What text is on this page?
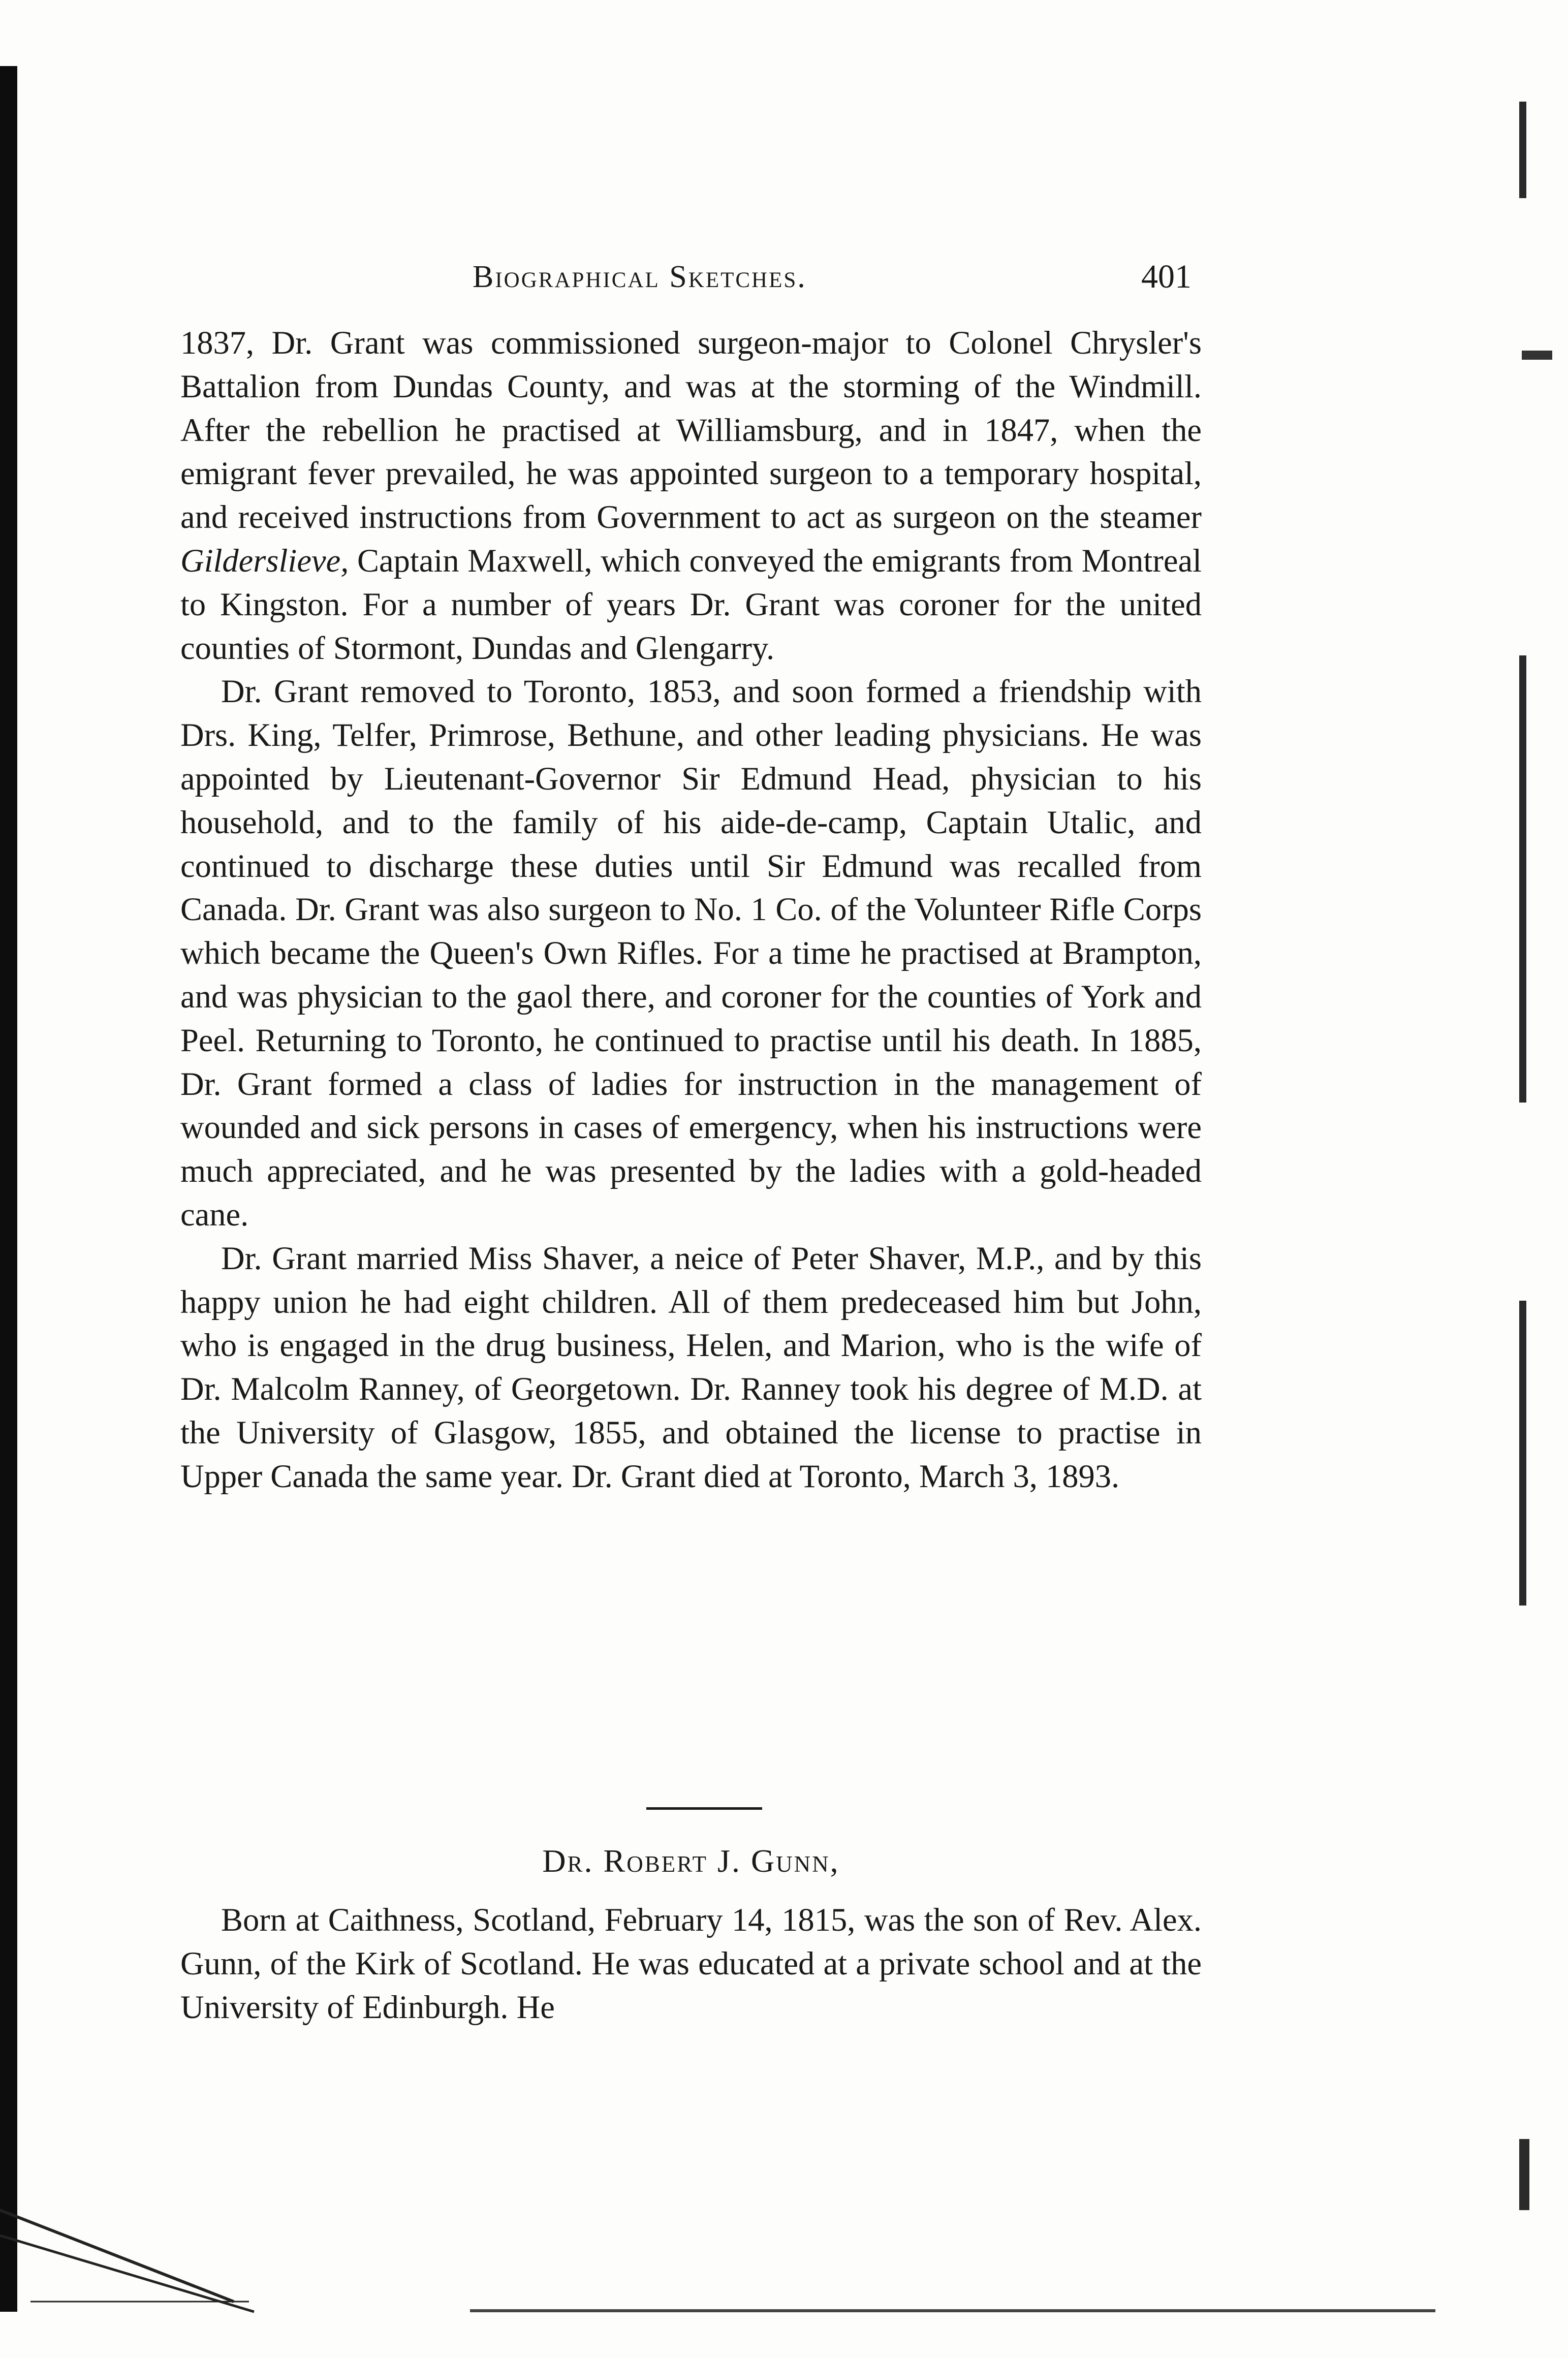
Biographical Sketches.	401

1837, Dr. Grant was commissioned surgeon-major to Colonel Chrysler's Battalion from Dundas County, and was at the storming of the Windmill. After the rebellion he practised at Williamsburg, and in 1847, when the emigrant fever prevailed, he was appointed surgeon to a temporary hospital, and received instructions from Government to act as surgeon on the steamer Gilderslieve, Captain Maxwell, which conveyed the emigrants from Montreal to Kingston. For a number of years Dr. Grant was coroner for the united counties of Stormont, Dundas and Glengarry.

Dr. Grant removed to Toronto, 1853, and soon formed a friendship with Drs. King, Telfer, Primrose, Bethune, and other leading physicians. He was appointed by Lieutenant-Governor Sir Edmund Head, physician to his household, and to the family of his aide-de-camp, Captain Utalic, and continued to discharge these duties until Sir Edmund was recalled from Canada. Dr. Grant was also surgeon to No. 1 Co. of the Volunteer Rifle Corps which became the Queen's Own Rifles. For a time he practised at Brampton, and was physician to the gaol there, and coroner for the counties of York and Peel. Returning to Toronto, he continued to practise until his death. In 1885, Dr. Grant formed a class of ladies for instruction in the management of wounded and sick persons in cases of emergency, when his instructions were much appreciated, and he was presented by the ladies with a gold-headed cane.

Dr. Grant married Miss Shaver, a neice of Peter Shaver, M.P., and by this happy union he had eight children. All of them predeceased him but John, who is engaged in the drug business, Helen, and Marion, who is the wife of Dr. Malcolm Ranney, of Georgetown. Dr. Ranney took his degree of M.D. at the University of Glasgow, 1855, and obtained the license to practise in Upper Canada the same year. Dr. Grant died at Toronto, March 3, 1893.

Dr. Robert J. Gunn,

Born at Caithness, Scotland, February 14, 1815, was the son of Rev. Alex. Gunn, of the Kirk of Scotland. He was educated at a private school and at the University of Edinburgh. He
